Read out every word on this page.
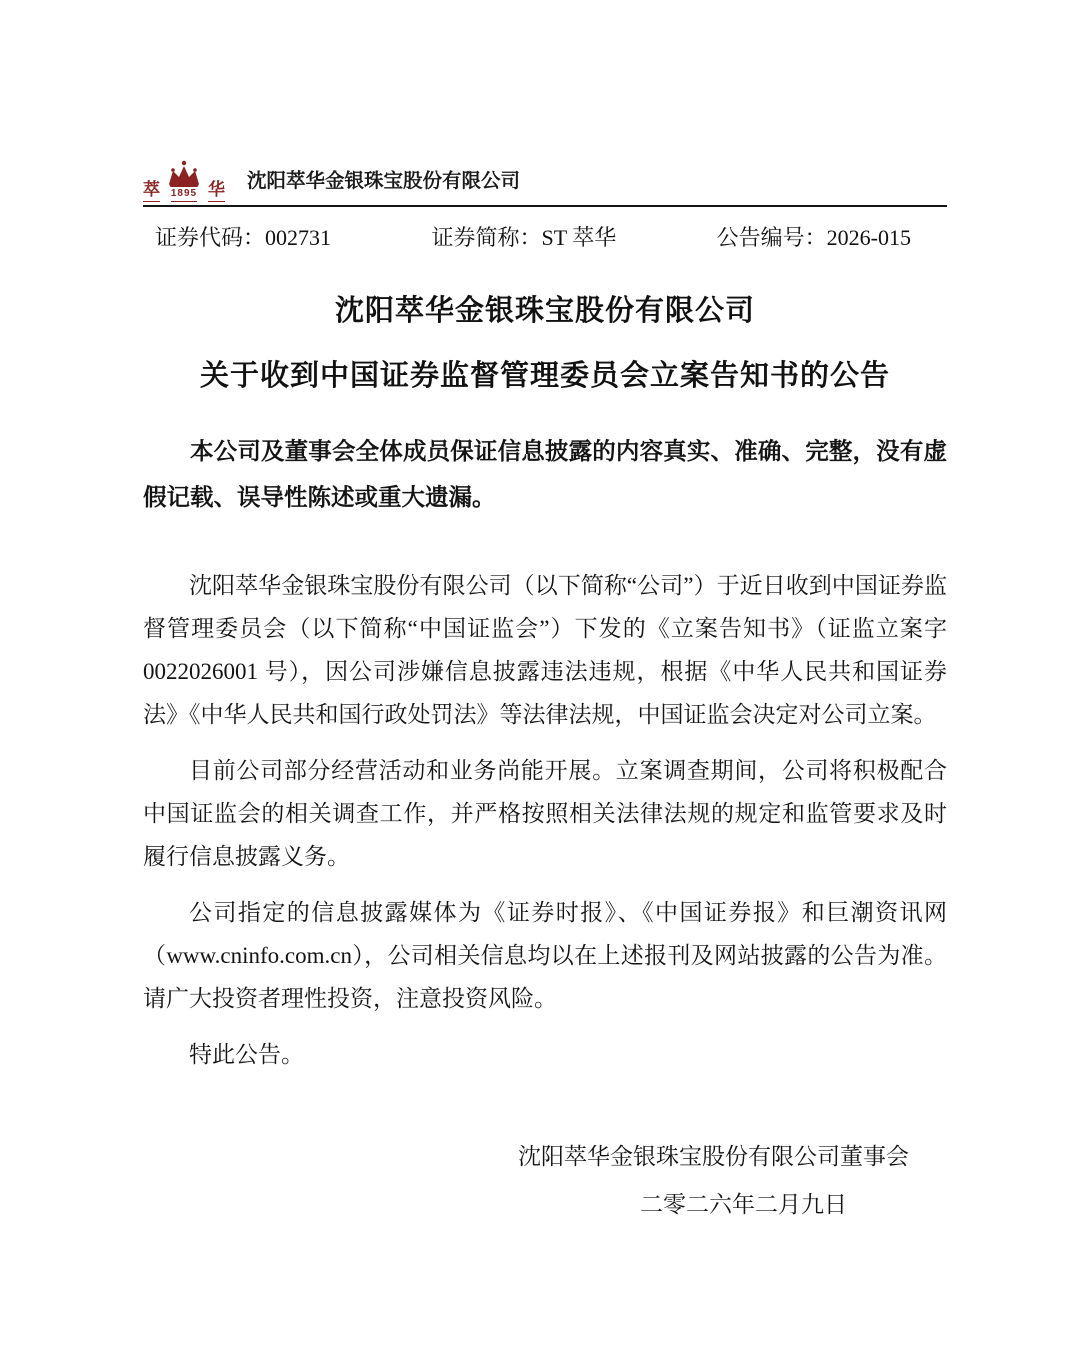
萃 1895 华 沈阳萃华金银珠宝股份有限公司
证券代码：002731	证券简称：ST 萃华	公告编号：2026-015
沈阳萃华金银珠宝股份有限公司
关于收到中国证券监督管理委员会立案告知书的公告

本公司及董事会全体成员保证信息披露的内容真实、准确、完整，没有虚假记载、误导性陈述或重大遗漏。

沈阳萃华金银珠宝股份有限公司（以下简称“公司”）于近日收到中国证券监督管理委员会（以下简称“中国证监会”）下发的《立案告知书》（证监立案字 0022026001 号），因公司涉嫌信息披露违法违规，根据《中华人民共和国证券法》《中华人民共和国行政处罚法》等法律法规，中国证监会决定对公司立案。

目前公司部分经营活动和业务尚能开展。立案调查期间，公司将积极配合中国证监会的相关调查工作，并严格按照相关法律法规的规定和监管要求及时履行信息披露义务。

公司指定的信息披露媒体为《证券时报》、《中国证券报》和巨潮资讯网（www.cninfo.com.cn），公司相关信息均以在上述报刊及网站披露的公告为准。请广大投资者理性投资，注意投资风险。

特此公告。

沈阳萃华金银珠宝股份有限公司董事会
二零二六年二月九日
